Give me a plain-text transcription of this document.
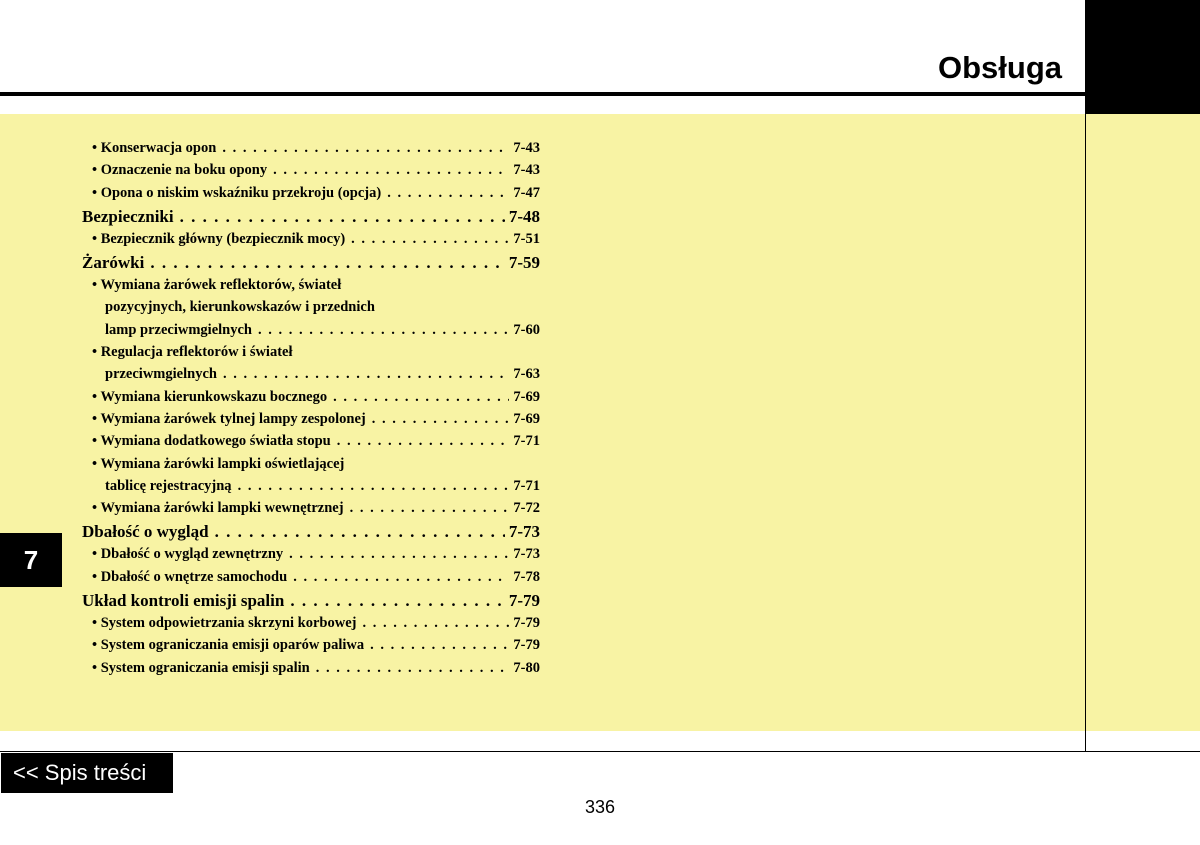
Obsługa
7
• Konserwacja opon . . .	7-43
• Oznaczenie na boku opony . . .	7-43
• Opona o niskim wskaźniku przekroju (opcja) . . .	7-47
Bezpieczniki . . .	7-48
• Bezpiecznik główny (bezpiecznik mocy) . . .	7-51
Żarówki . . .	7-59
• Wymiana żarówek reflektorów, świateł
pozycyjnych, kierunkowskazów i przednich
lamp przeciwmgielnych . . .	7-60
• Regulacja reflektorów i świateł
przeciwmgielnych . . .	7-63
• Wymiana kierunkowskazu bocznego . . .	7-69
• Wymiana żarówek tylnej lampy zespolonej . . .	7-69
• Wymiana dodatkowego światła stopu . . .	7-71
• Wymiana żarówki lampki oświetlającej
tablicę rejestracyjną . . .	7-71
• Wymiana żarówki lampki wewnętrznej . . .	7-72
Dbałość o wygląd . . .	7-73
• Dbałość o wygląd zewnętrzny . . .	7-73
• Dbałość o wnętrze samochodu . . .	7-78
Układ kontroli emisji spalin . . .	7-79
• System odpowietrzania skrzyni korbowej . . .	7-79
• System ograniczania emisji oparów paliwa . . .	7-79
• System ograniczania emisji spalin . . .	7-80
<< Spis treści
336
